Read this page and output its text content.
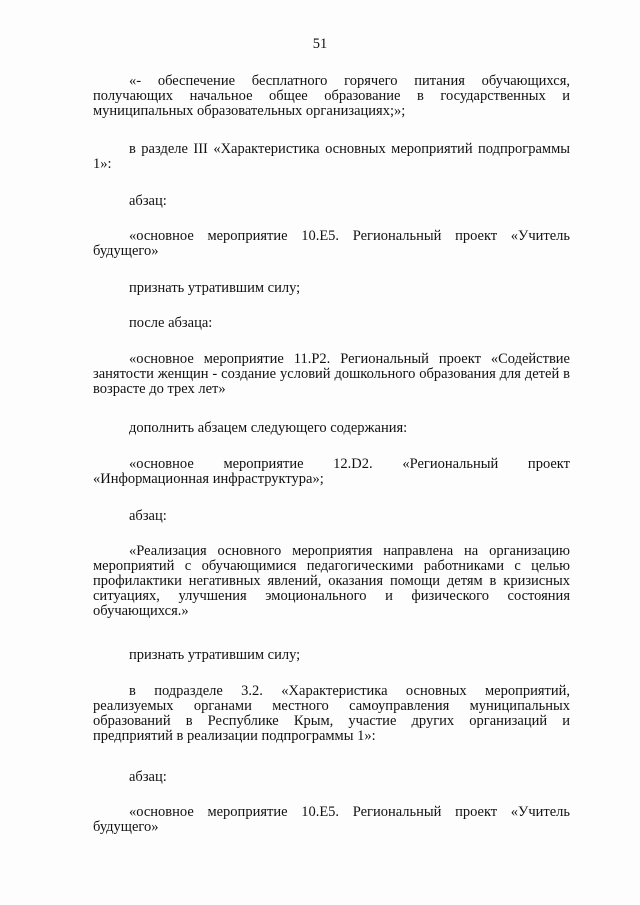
51

«- обеспечение бесплатного горячего питания обучающихся, получающих начальное общее образование в государственных и муниципальных образовательных организациях;»;

в разделе III «Характеристика основных мероприятий подпрограммы 1»:

абзац:

«основное мероприятие 10.Е5. Региональный проект «Учитель будущего»

признать утратившим силу;

после абзаца:

«основное мероприятие 11.Р2. Региональный проект «Содействие занятости женщин - создание условий дошкольного образования для детей в возрасте до трех лет»

дополнить абзацем следующего содержания:

«основное мероприятие 12.D2. «Региональный проект «Информационная инфраструктура»;

абзац:

«Реализация основного мероприятия направлена на организацию мероприятий с обучающимися педагогическими работниками с целью профилактики негативных явлений, оказания помощи детям в кризисных ситуациях, улучшения эмоционального и физического состояния обучающихся.»

признать утратившим силу;

в подразделе 3.2. «Характеристика основных мероприятий, реализуемых органами местного самоуправления муниципальных образований в Республике Крым, участие других организаций и предприятий в реализации подпрограммы 1»:

абзац:

«основное мероприятие 10.Е5. Региональный проект «Учитель будущего»
